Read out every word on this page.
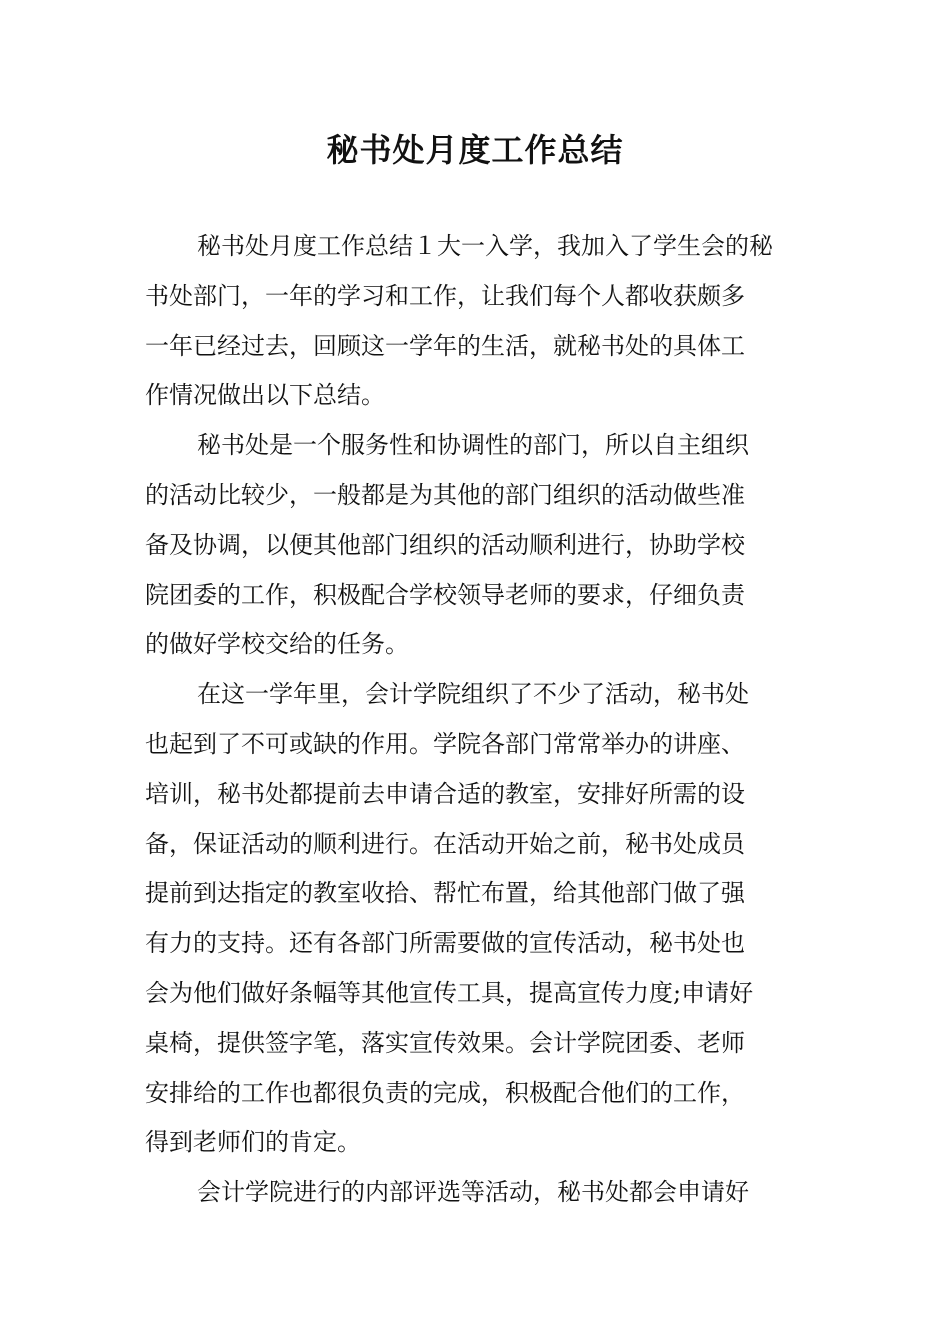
秘书处月度工作总结
秘书处月度工作总结１大一入学，我加入了学生会的秘
书处部门，一年的学习和工作，让我们每个人都收获颇多
一年已经过去，回顾这一学年的生活，就秘书处的具体工
作情况做出以下总结。
秘书处是一个服务性和协调性的部门，所以自主组织
的活动比较少，一般都是为其他的部门组织的活动做些准
备及协调，以便其他部门组织的活动顺利进行，协助学校
院团委的工作，积极配合学校领导老师的要求，仔细负责
的做好学校交给的任务。
在这一学年里，会计学院组织了不少了活动，秘书处
也起到了不可或缺的作用。学院各部门常常举办的讲座、
培训，秘书处都提前去申请合适的教室，安排好所需的设
备，保证活动的顺利进行。在活动开始之前，秘书处成员
提前到达指定的教室收拾、帮忙布置，给其他部门做了强
有力的支持。还有各部门所需要做的宣传活动，秘书处也
会为他们做好条幅等其他宣传工具，提高宣传力度;申请好
桌椅，提供签字笔，落实宣传效果。会计学院团委、老师
安排给的工作也都很负责的完成，积极配合他们的工作，
得到老师们的肯定。
会计学院进行的内部评选等活动，秘书处都会申请好
